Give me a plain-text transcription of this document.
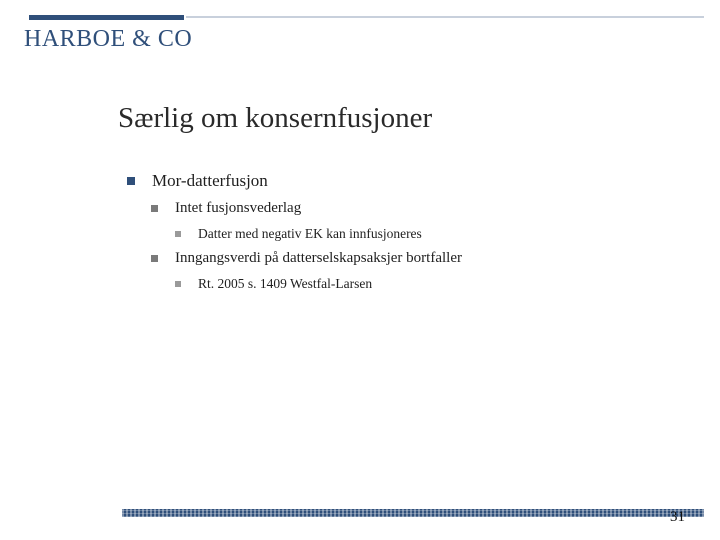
HARBOE & CO
Særlig om konsernfusjoner
Mor-datterfusjon
Intet fusjonsvederlag
Datter med negativ EK kan innfusjoneres
Inngangsverdi på datterselskapsaksjer bortfaller
Rt. 2005 s. 1409 Westfal-Larsen
31
